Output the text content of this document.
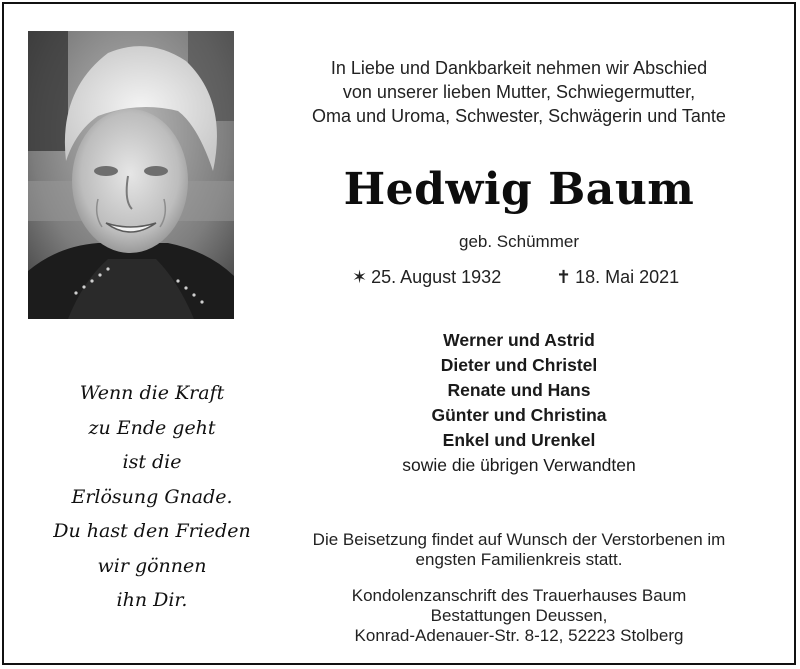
Wenn die Kraft
zu Ende geht
ist die
Erlösung Gnade.
Du hast den Frieden
wir gönnen
ihn Dir.
In Liebe und Dankbarkeit nehmen wir Abschied
von unserer lieben Mutter, Schwiegermutter,
Oma und Uroma, Schwester, Schwägerin und Tante
Hedwig Baum
geb. Schümmer
✶ 25. August 1932	✝ 18. Mai 2021
Werner und Astrid
Dieter und Christel
Renate und Hans
Günter und Christina
Enkel und Urenkel
sowie die übrigen Verwandten
Die Beisetzung findet auf Wunsch der Verstorbenen im
engsten Familienkreis statt.
Kondolenzanschrift des Trauerhauses Baum
Bestattungen Deussen,
Konrad-Adenauer-Str. 8-12, 52223 Stolberg
